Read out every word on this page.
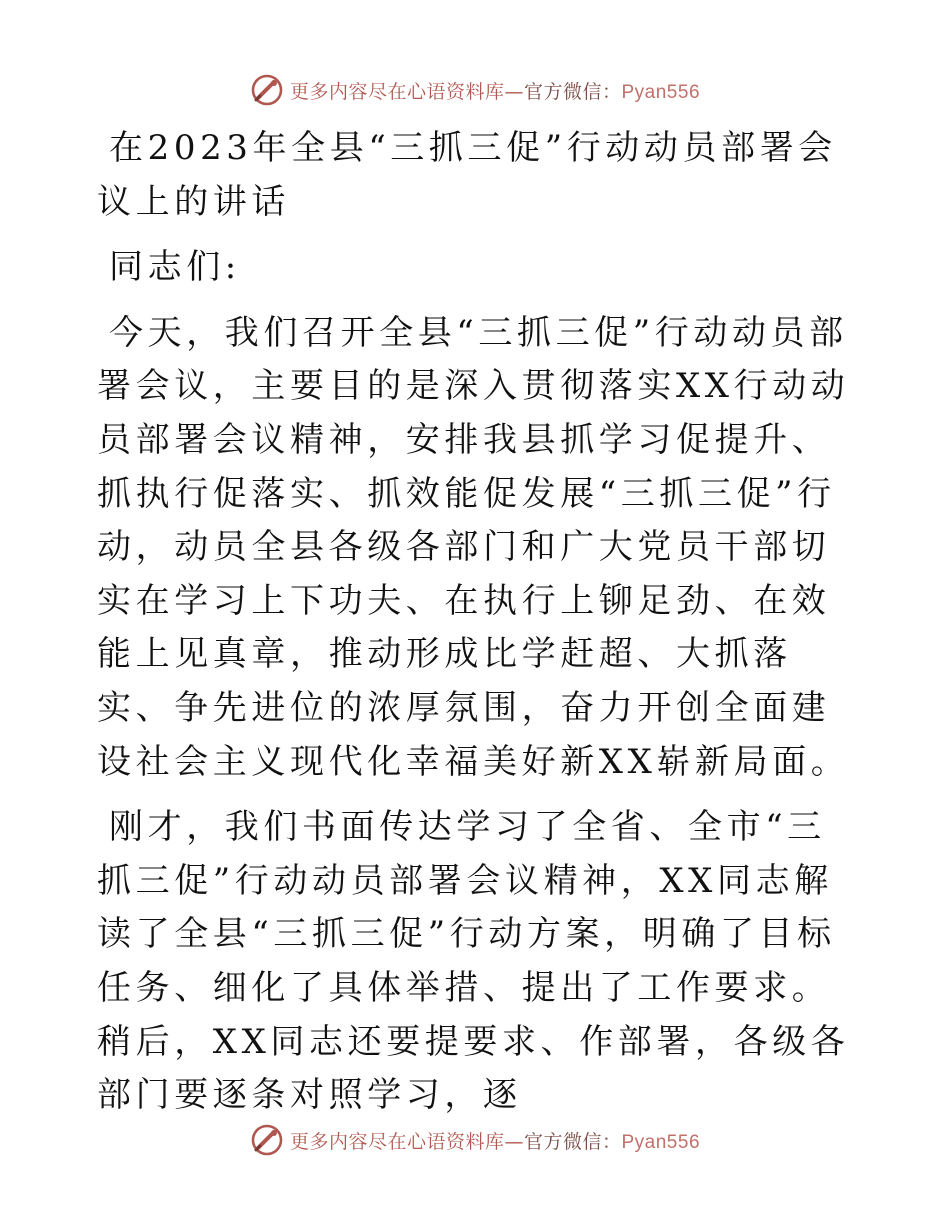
更多内容尽在心语资料库—官方微信：Pyan556

在2023年全县“三抓三促”行动动员部署会议上的讲话

同志们:

今天，我们召开全县“三抓三促”行动动员部署会议，主要目的是深入贯彻落实XX行动动员部署会议精神，安排我县抓学习促提升、抓执行促落实、抓效能促发展“三抓三促”行动，动员全县各级各部门和广大党员干部切实在学习上下功夫、在执行上铆足劲、在效能上见真章，推动形成比学赶超、大抓落实、争先进位的浓厚氛围，奋力开创全面建设社会主义现代化幸福美好新XX崭新局面。

刚才，我们书面传达学习了全省、全市“三抓三促”行动动员部署会议精神，XX同志解读了全县“三抓三促”行动方案，明确了目标任务、细化了具体举措、提出了工作要求。稍后，XX同志还要提要求、作部署，各级各部门要逐条对照学习，逐

更多内容尽在心语资料库—官方微信：Pyan556
